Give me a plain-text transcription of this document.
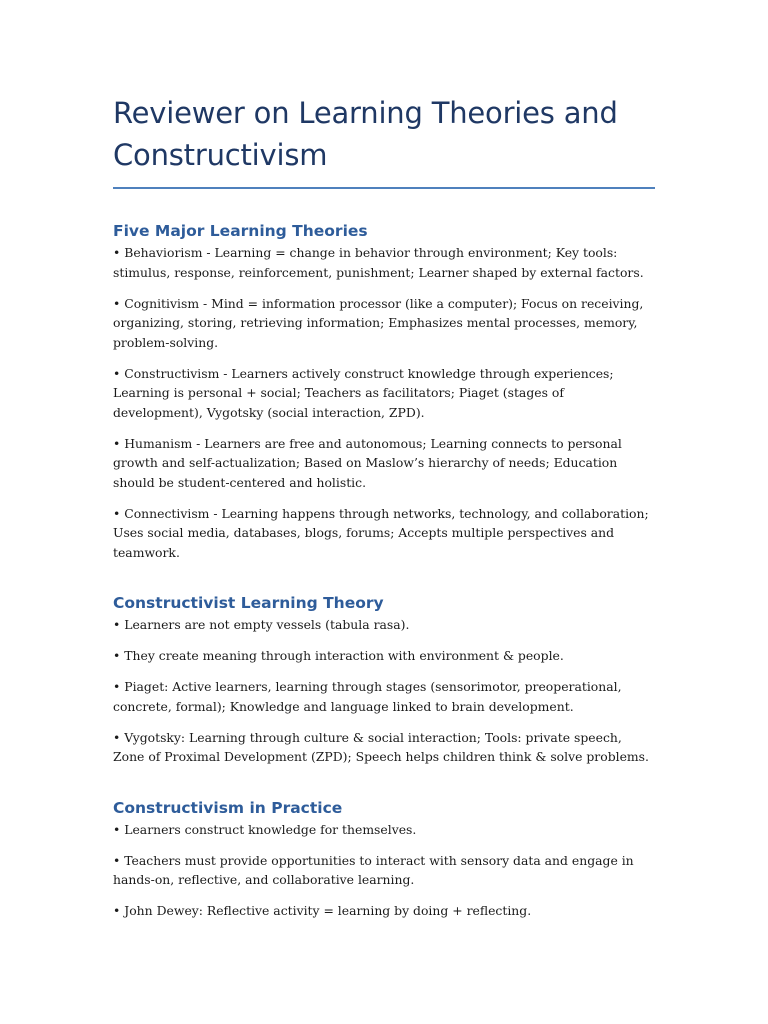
Reviewer on Learning Theories and Constructivism
Five Major Learning Theories
• Behaviorism - Learning = change in behavior through environment; Key tools: stimulus, response, reinforcement, punishment; Learner shaped by external factors.
• Cognitivism - Mind = information processor (like a computer); Focus on receiving, organizing, storing, retrieving information; Emphasizes mental processes, memory, problem-solving.
• Constructivism - Learners actively construct knowledge through experiences; Learning is personal + social; Teachers as facilitators; Piaget (stages of development), Vygotsky (social interaction, ZPD).
• Humanism - Learners are free and autonomous; Learning connects to personal growth and self-actualization; Based on Maslow’s hierarchy of needs; Education should be student-centered and holistic.
• Connectivism - Learning happens through networks, technology, and collaboration; Uses social media, databases, blogs, forums; Accepts multiple perspectives and teamwork.
Constructivist Learning Theory
• Learners are not empty vessels (tabula rasa).
• They create meaning through interaction with environment & people.
• Piaget: Active learners, learning through stages (sensorimotor, preoperational, concrete, formal); Knowledge and language linked to brain development.
• Vygotsky: Learning through culture & social interaction; Tools: private speech, Zone of Proximal Development (ZPD); Speech helps children think & solve problems.
Constructivism in Practice
• Learners construct knowledge for themselves.
• Teachers must provide opportunities to interact with sensory data and engage in hands-on, reflective, and collaborative learning.
• John Dewey: Reflective activity = learning by doing + reflecting.
